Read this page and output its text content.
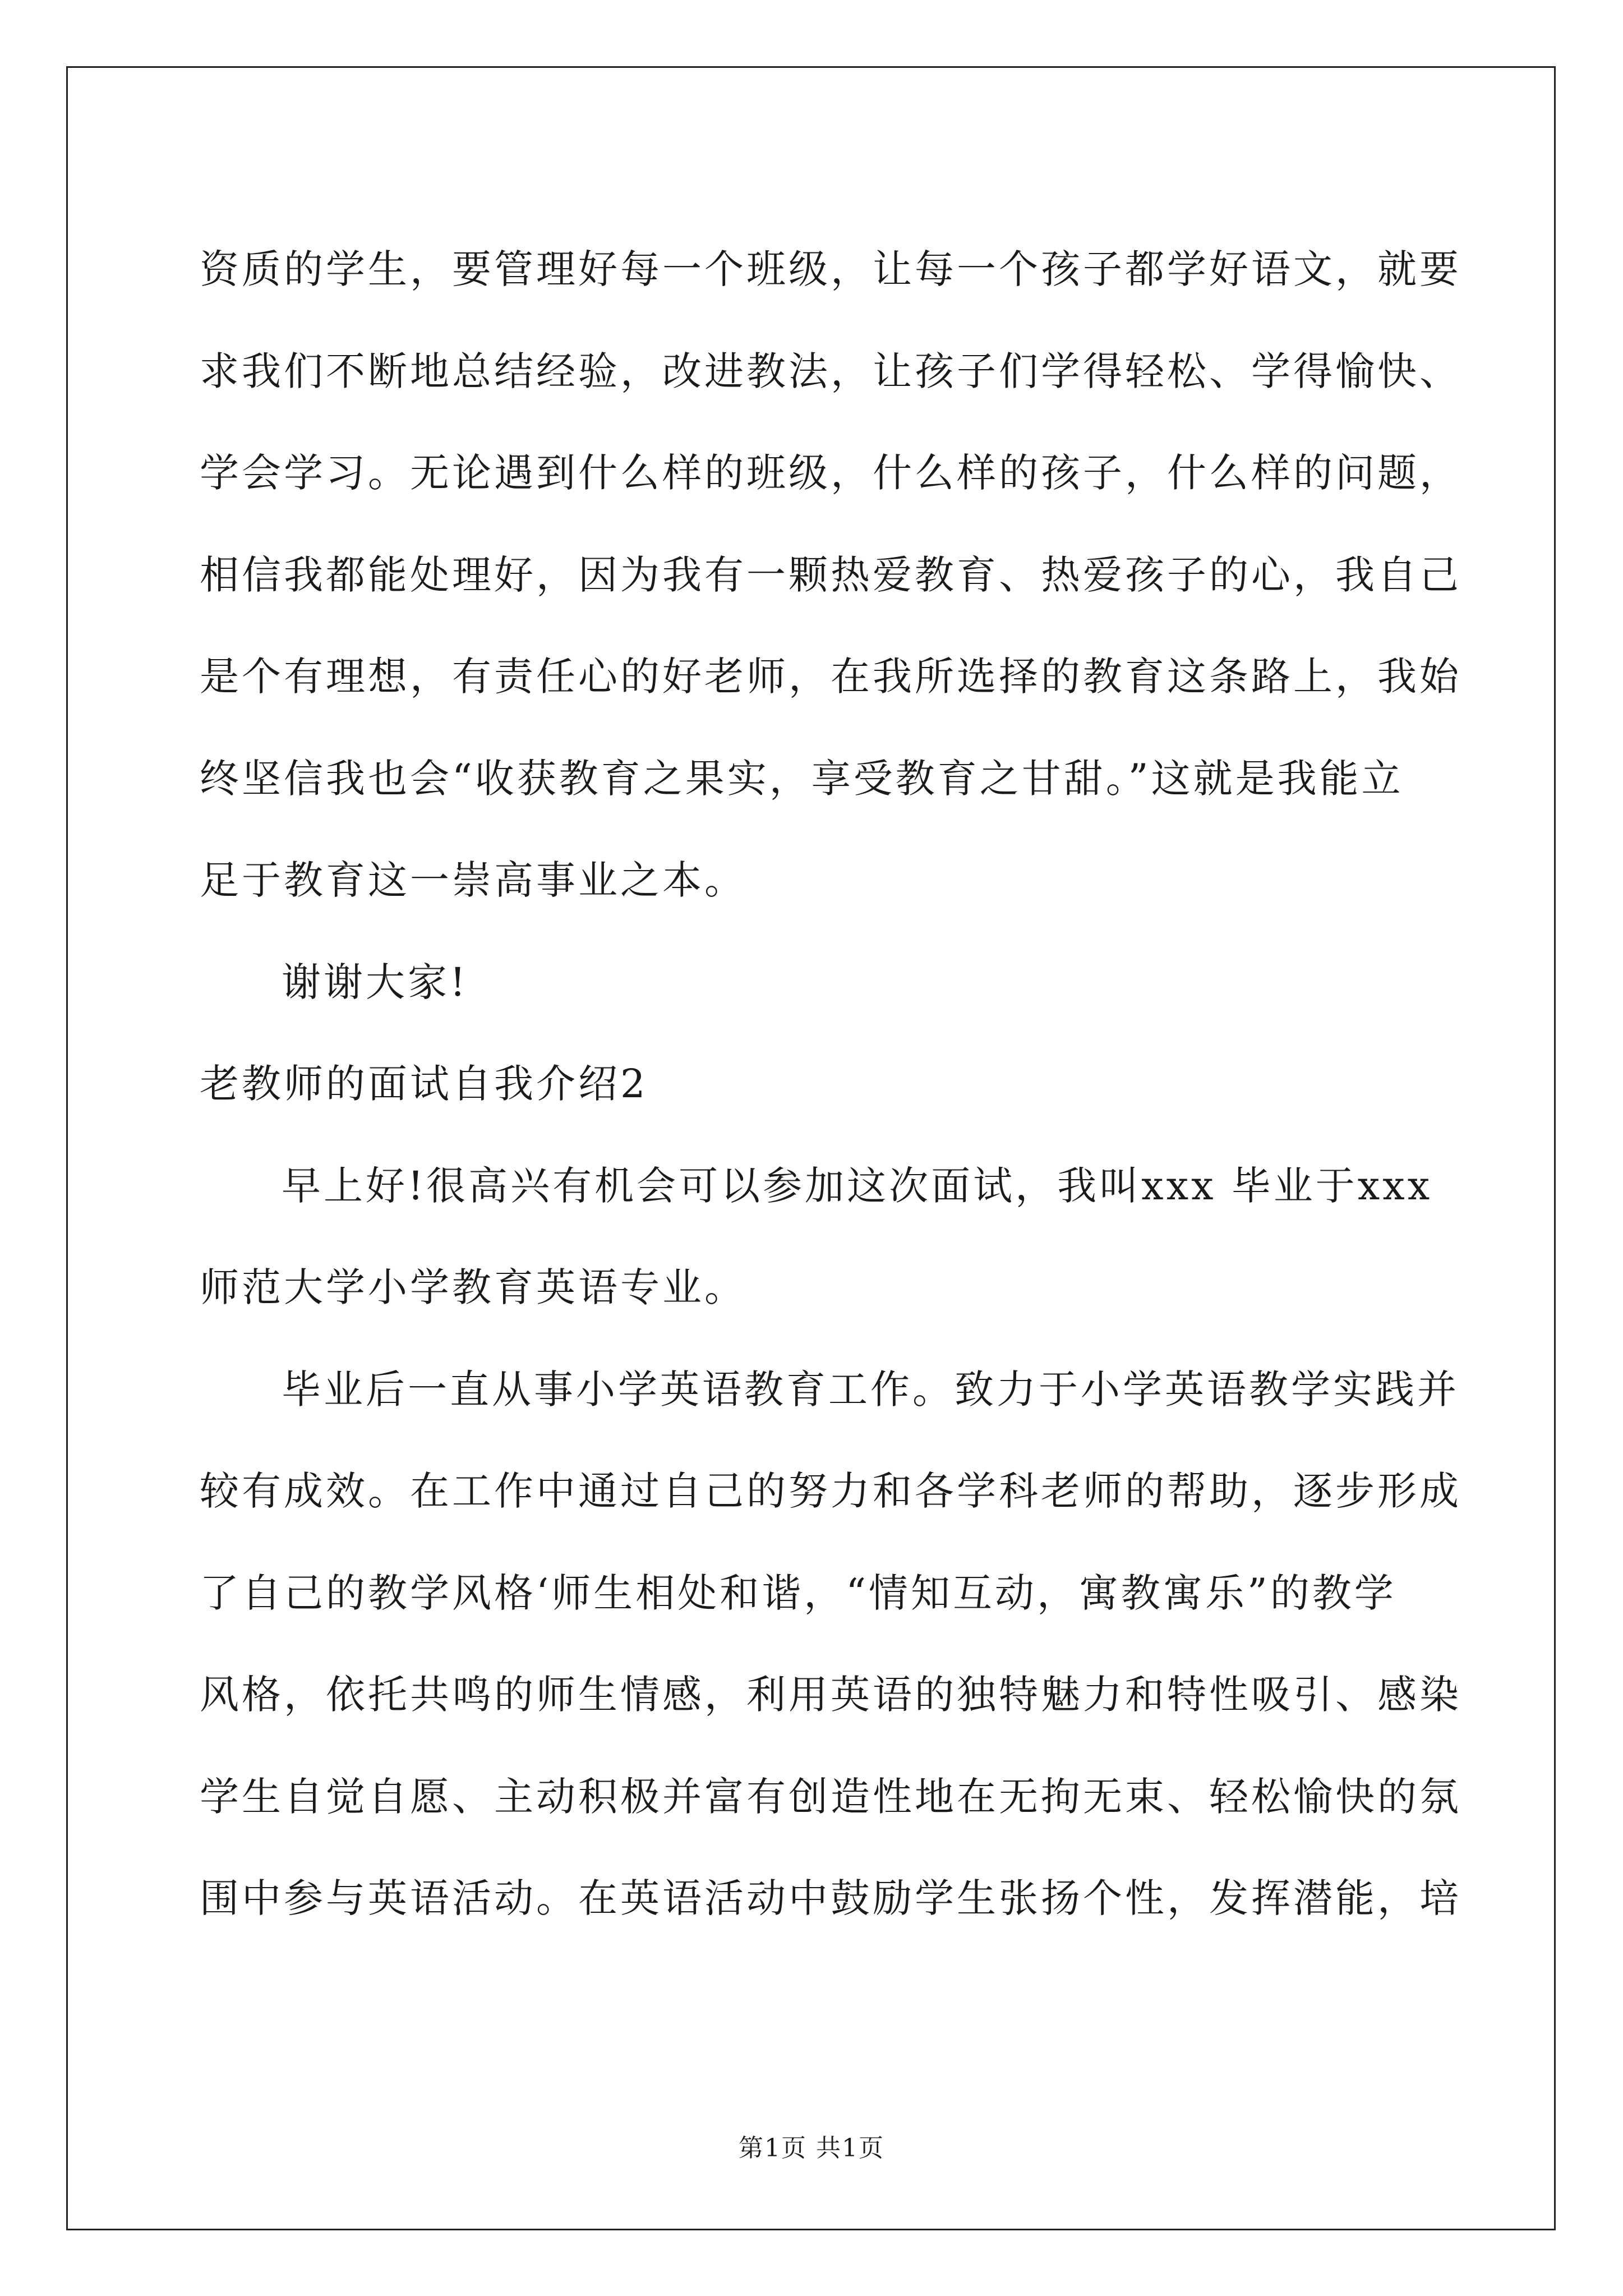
资质的学生，要管理好每一个班级，让每一个孩子都学好语文，就要
求我们不断地总结经验，改进教法，让孩子们学得轻松、学得愉快、
学会学习。无论遇到什么样的班级，什么样的孩子，什么样的问题，
相信我都能处理好，因为我有一颗热爱教育、热爱孩子的心，我自己
是个有理想，有责任心的好老师，在我所选择的教育这条路上，我始
终坚信我也会“收获教育之果实，享受教育之甘甜。”这就是我能立
足于教育这一崇高事业之本。
谢谢大家!
老教师的面试自我介绍2
早上好!很高兴有机会可以参加这次面试，我叫xxx 毕业于xxx
师范大学小学教育英语专业。
毕业后一直从事小学英语教育工作。致力于小学英语教学实践并
较有成效。在工作中通过自己的努力和各学科老师的帮助，逐步形成
了自己的教学风格‘师生相处和谐，“情知互动，寓教寓乐”的教学
风格，依托共鸣的师生情感，利用英语的独特魅力和特性吸引、感染
学生自觉自愿、主动积极并富有创造性地在无拘无束、轻松愉快的氛
围中参与英语活动。在英语活动中鼓励学生张扬个性，发挥潜能，培
第1页 共1页
